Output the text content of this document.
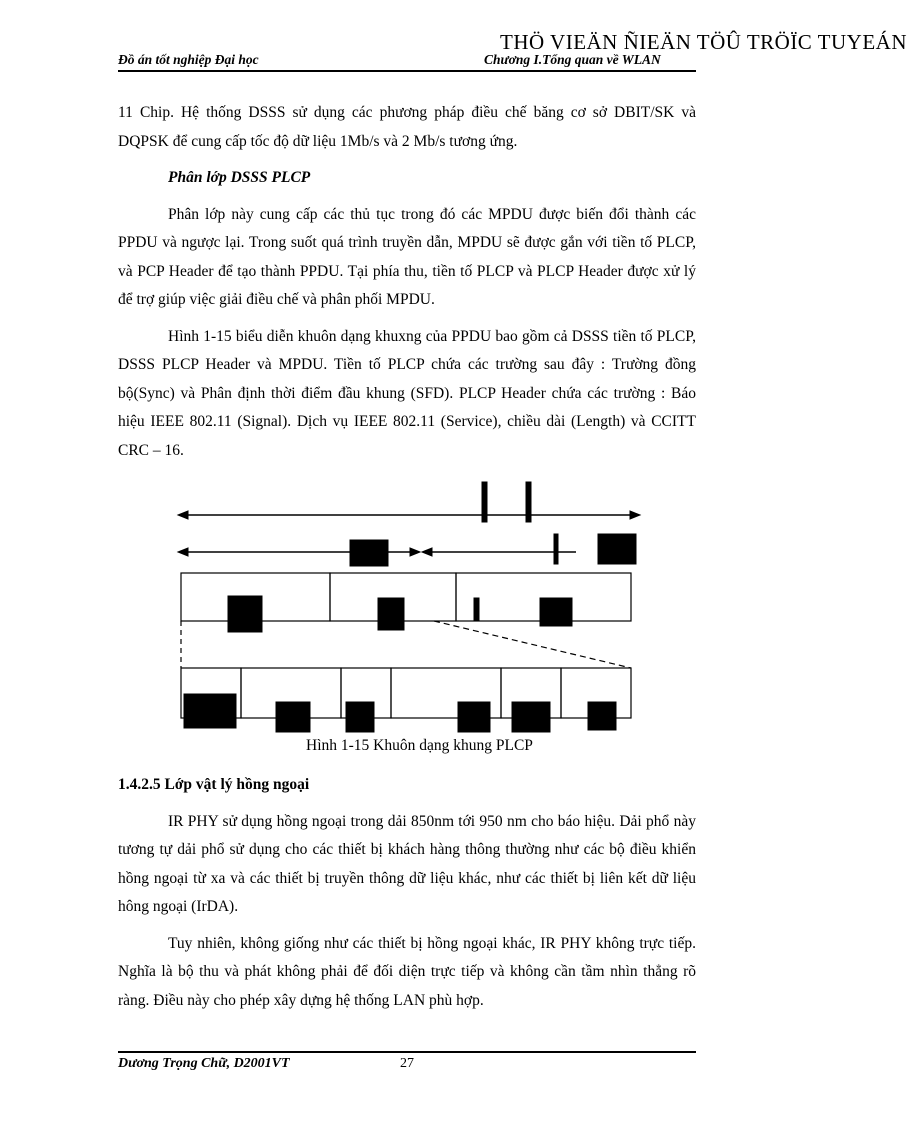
THÖ VIEÄN ÑIEÄN TÖÛ TRÖÏC TUYEÁN
Đồ án tốt nghiệp Đại học	Chương I.Tổng quan về WLAN

11 Chip. Hệ thống DSSS sử dụng các phương pháp điều chế băng cơ sở DBIT/SK và DQPSK để cung cấp tốc độ dữ liệu 1Mb/s và 2 Mb/s tương ứng.

Phân lớp DSSS PLCP

Phân lớp này cung cấp các thủ tục trong đó các MPDU được biến đổi thành các PPDU và ngược lại. Trong suốt quá trình truyền dẫn, MPDU sẽ được gắn với tiền tố PLCP, và PCP Header để tạo thành PPDU. Tại phía thu, tiền tố PLCP và PLCP Header được xử lý để trợ giúp việc giải điều chế và phân phối MPDU.

Hình 1-15 biểu diễn khuôn dạng khuxng của PPDU bao gồm cả DSSS tiền tố PLCP, DSSS PLCP Header và MPDU. Tiền tố PLCP chứa các trường sau đây : Trường đồng bộ(Sync) và Phân định thời điểm đầu khung (SFD). PLCP Header chứa các trường : Báo hiệu IEEE 802.11 (Signal). Dịch vụ IEEE 802.11 (Service), chiều dài (Length) và CCITT CRC – 16.

Hình 1-15 Khuôn dạng khung PLCP

1.4.2.5 Lớp vật lý hồng ngoại

IR PHY sử dụng hồng ngoại trong dải 850nm tới 950 nm cho báo hiệu. Dải phổ này tương tự dải phổ sử dụng cho các thiết bị khách hàng thông thường như các bộ điều khiển hồng ngoại từ xa và các thiết bị truyền thông dữ liệu khác, như các thiết bị liên kết dữ liệu hông ngoại (IrDA).

Tuy nhiên, không giống như các thiết bị hồng ngoại khác, IR PHY không trực tiếp. Nghĩa là bộ thu và phát không phải để đối diện trực tiếp và không cần tầm nhìn thẳng rõ ràng. Điều này cho phép xây dựng hệ thống LAN phù hợp.

Dương Trọng Chữ, D2001VT	27
